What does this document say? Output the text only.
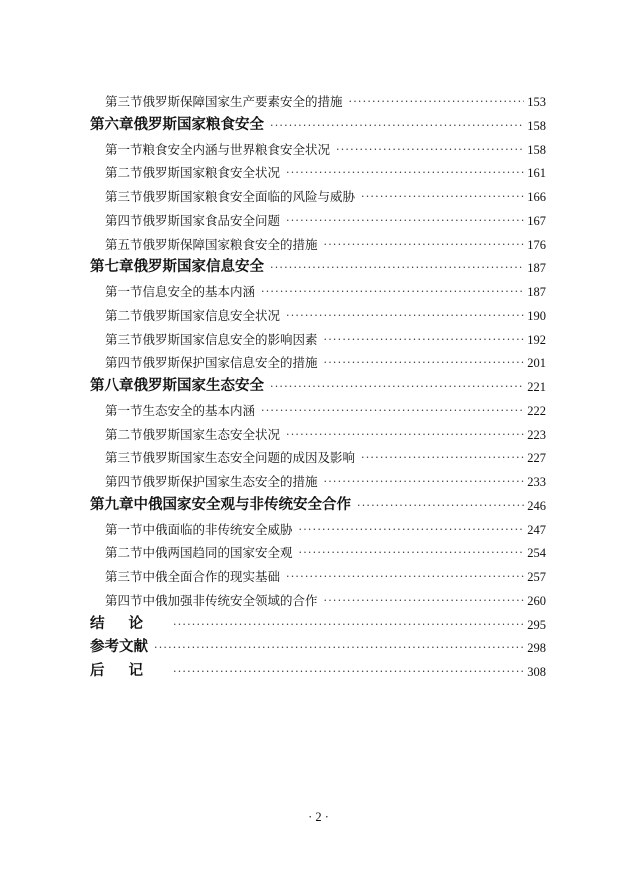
第三节 俄罗斯保障国家生产要素安全的措施 ·····	153
第六章 俄罗斯国家粮食安全 ·····	158
第一节 粮食安全内涵与世界粮食安全状况 ·····	158
第二节 俄罗斯国家粮食安全状况 ·····	161
第三节 俄罗斯国家粮食安全面临的风险与威胁 ·····	166
第四节 俄罗斯国家食品安全问题 ·····	167
第五节 俄罗斯保障国家粮食安全的措施 ·····	176
第七章 俄罗斯国家信息安全 ·····	187
第一节 信息安全的基本内涵 ·····	187
第二节 俄罗斯国家信息安全状况 ·····	190
第三节 俄罗斯国家信息安全的影响因素 ·····	192
第四节 俄罗斯保护国家信息安全的措施 ·····	201
第八章 俄罗斯国家生态安全 ·····	221
第一节 生态安全的基本内涵 ·····	222
第二节 俄罗斯国家生态安全状况 ·····	223
第三节 俄罗斯国家生态安全问题的成因及影响 ·····	227
第四节 俄罗斯保护国家生态安全的措施 ·····	233
第九章 中俄国家安全观与非传统安全合作 ·····	246
第一节 中俄面临的非传统安全威胁 ·····	247
第二节 中俄两国趋同的国家安全观 ·····	254
第三节 中俄全面合作的现实基础 ·····	257
第四节 中俄加强非传统安全领域的合作 ·····	260
结论 ·····	295
参考文献 ·····	298
后记 ·····	308
· 2 ·
